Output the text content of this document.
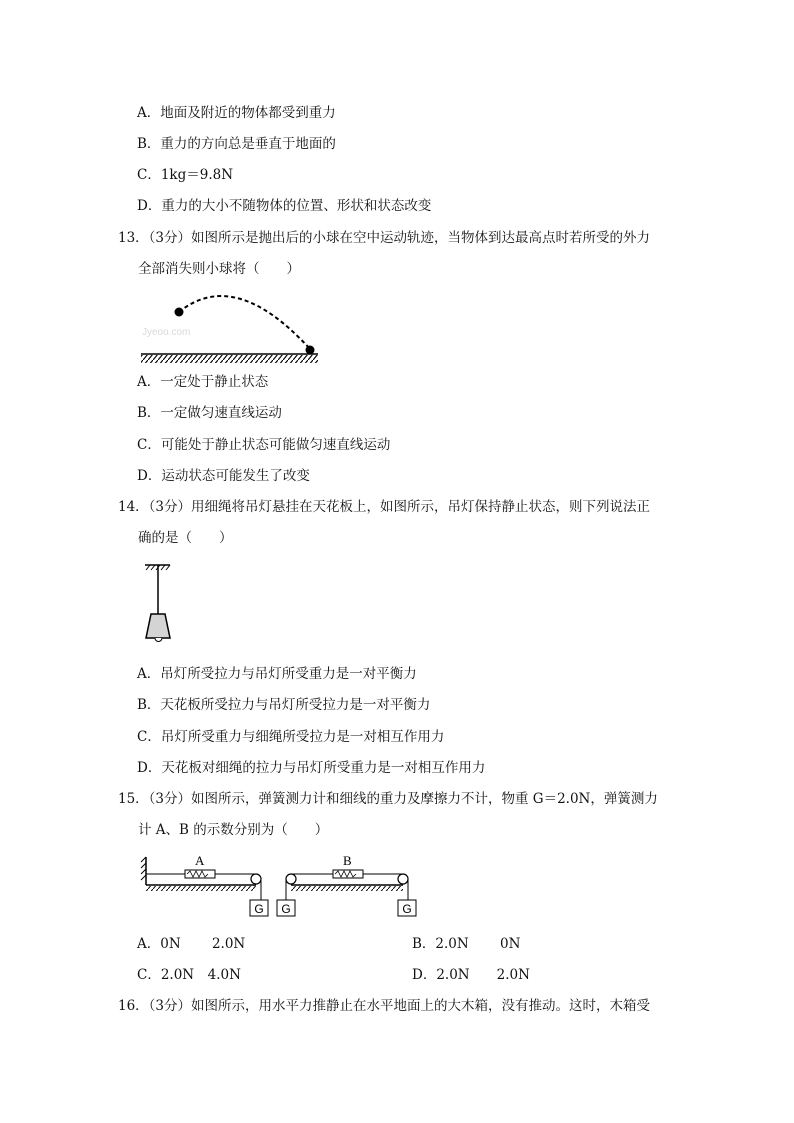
A．地面及附近的物体都受到重力
B．重力的方向总是垂直于地面的
C．1kg＝9.8N
D．重力的大小不随物体的位置、形状和状态改变
13．（3分）如图所示是抛出后的小球在空中运动轨迹，当物体到达最高点时若所受的外力
全部消失则小球将（　　）
Jyeoo.com
A．一定处于静止状态
B．一定做匀速直线运动
C．可能处于静止状态可能做匀速直线运动
D．运动状态可能发生了改变
14．（3分）用细绳将吊灯悬挂在天花板上，如图所示，吊灯保持静止状态，则下列说法正
确的是（　　）
A．吊灯所受拉力与吊灯所受重力是一对平衡力
B．天花板所受拉力与吊灯所受拉力是一对平衡力
C．吊灯所受重力与细绳所受拉力是一对相互作用力
D．天花板对细绳的拉力与吊灯所受重力是一对相互作用力
15．（3分）如图所示，弹簧测力计和细线的重力及摩擦力不计，物重 G＝2.0N，弹簧测力
计 A、B 的示数分别为（　　）
A
G
B
G	G
A．0N　　 2.0N	B．2.0N　　 0N
C．2.0N　4.0N	D．2.0N　　2.0N
16．（3分）如图所示，用水平力推静止在水平地面上的大木箱，没有推动。这时，木箱受
